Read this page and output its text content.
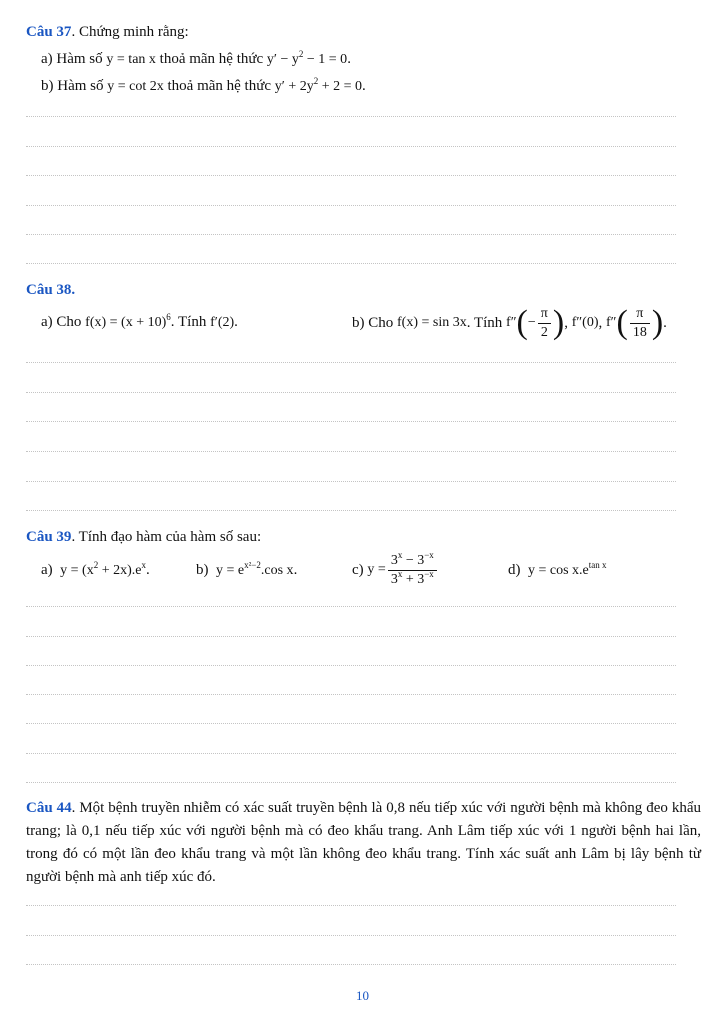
Câu 37. Chứng minh rằng:
a) Hàm số y = tan x thoả mãn hệ thức $y' - y^2 - 1 = 0$.
b) Hàm số y = cot 2x thoả mãn hệ thức $y' + 2y^2 + 2 = 0$.
Câu 38.
a) Cho $f(x) = (x + 10)^6$. Tính f′(2).	b) Cho
f(x) = sin 3x . Tính
f″ ( − $\frac{\pi}{2}$ ) ,
f″(0) ,
f″ ( $\frac{\pi}{18}$ ) .
Câu 39. Tính đạo hàm của hàm số sau:
a) $y = (x^2 + 2x).e^x$.	b) $y = e^{x^2-2}.\cos$ x.	c)
$y = \frac{3^x - 3^{-x}}{3^x + 3^{-x}}$	d) $y = \cos x.e^{tan x}$
Câu 44. Một bệnh truyền nhiễm có xác suất truyền bệnh là 0,8 nếu tiếp xúc với người bệnh mà không đeo khẩu trang; là 0,1 nếu tiếp xúc với người bệnh mà có đeo khẩu trang. Anh Lâm tiếp xúc với 1 người bệnh hai lần, trong đó có một lần đeo khẩu trang và một lần không đeo khẩu trang. Tính xác suất anh Lâm bị lây bệnh từ người bệnh mà anh tiếp xúc đó.
10
